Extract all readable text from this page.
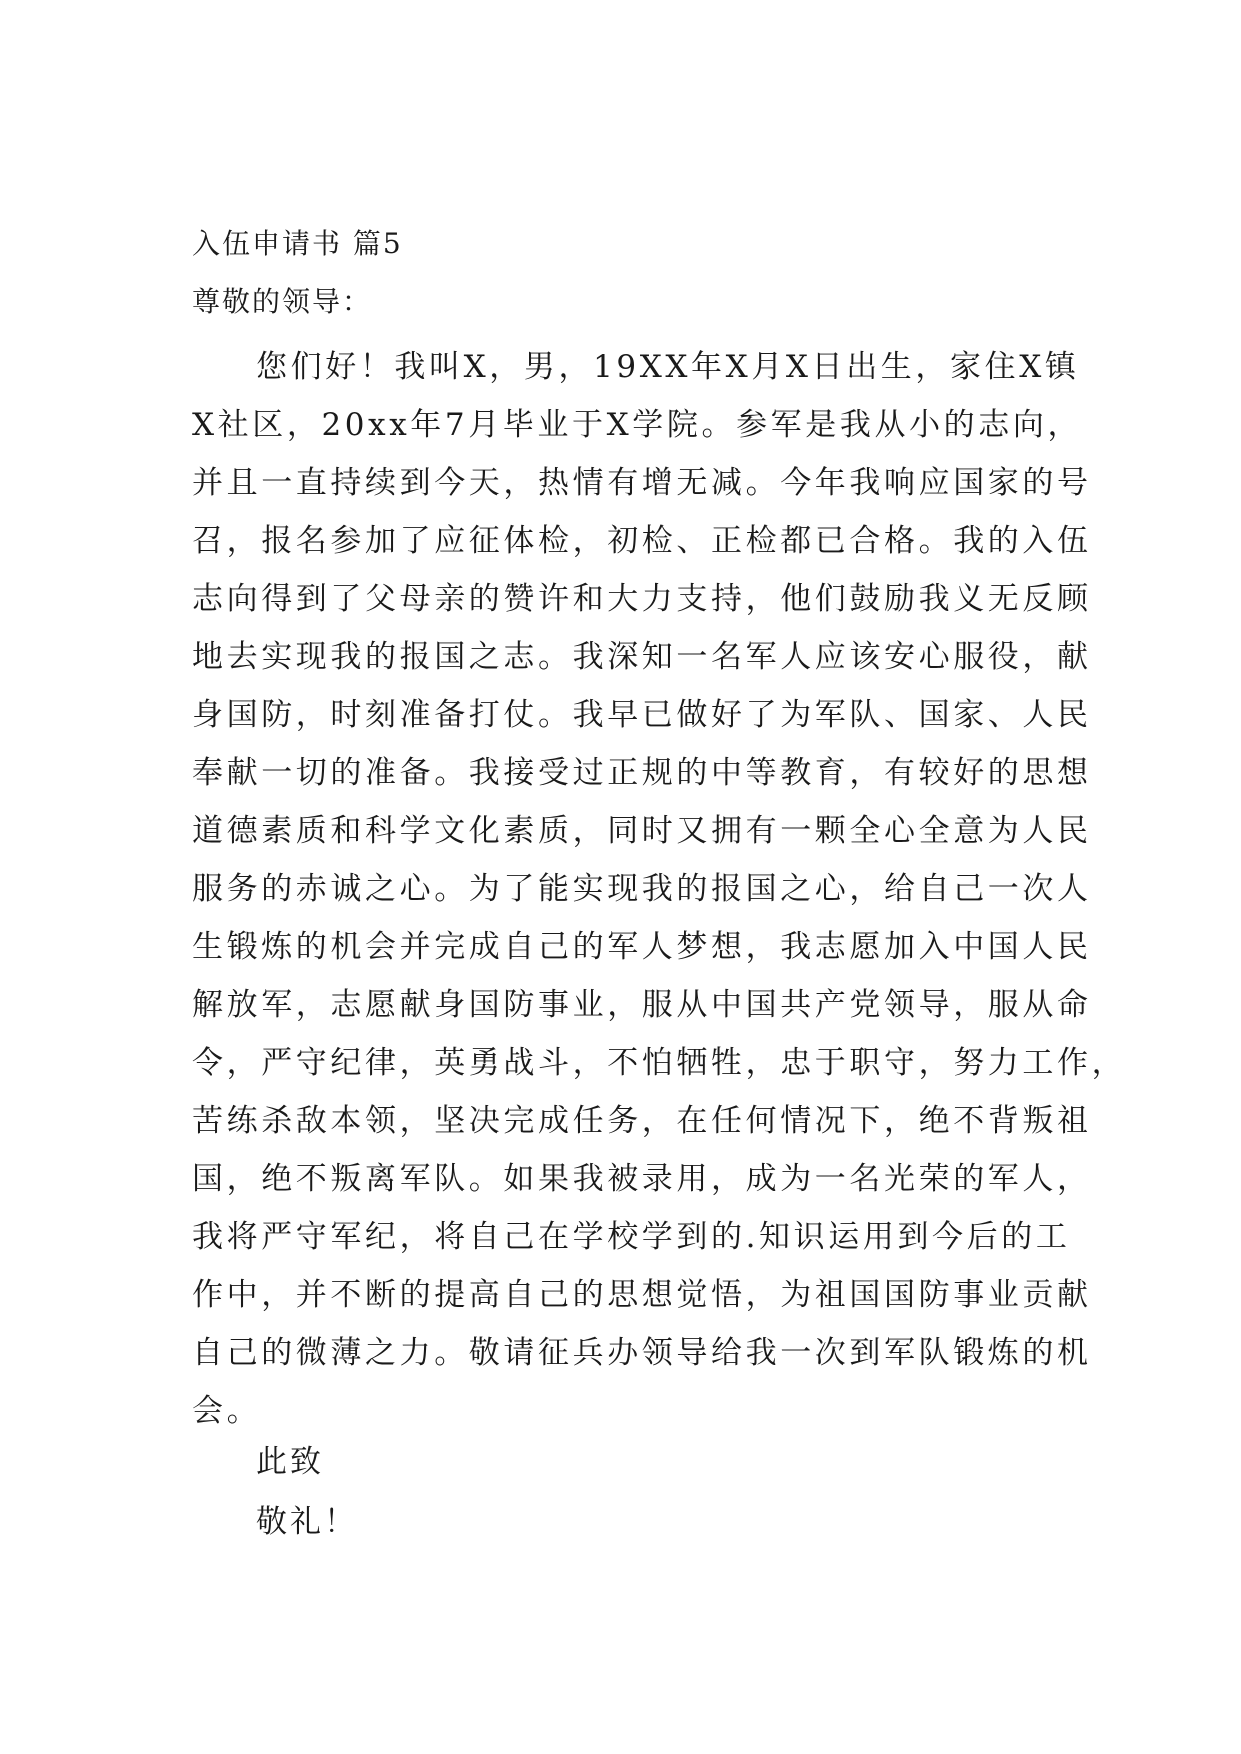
入伍申请书 篇5
尊敬的领导：
您们好！我叫X，男，19XX年X月X日出生，家住X镇
X社区，20xx年7月毕业于X学院。参军是我从小的志向，
并且一直持续到今天，热情有增无减。今年我响应国家的号
召，报名参加了应征体检，初检、正检都已合格。我的入伍
志向得到了父母亲的赞许和大力支持，他们鼓励我义无反顾
地去实现我的报国之志。我深知一名军人应该安心服役，献
身国防，时刻准备打仗。我早已做好了为军队、国家、人民
奉献一切的准备。我接受过正规的中等教育，有较好的思想
道德素质和科学文化素质，同时又拥有一颗全心全意为人民
服务的赤诚之心。为了能实现我的报国之心，给自己一次人
生锻炼的机会并完成自己的军人梦想，我志愿加入中国人民
解放军，志愿献身国防事业，服从中国共产党领导，服从命
令，严守纪律，英勇战斗，不怕牺牲，忠于职守，努力工作，
苦练杀敌本领，坚决完成任务，在任何情况下，绝不背叛祖
国，绝不叛离军队。如果我被录用，成为一名光荣的军人，
我将严守军纪，将自己在学校学到的.知识运用到今后的工
作中，并不断的提高自己的思想觉悟，为祖国国防事业贡献
自己的微薄之力。敬请征兵办领导给我一次到军队锻炼的机
会。
此致
敬礼！
